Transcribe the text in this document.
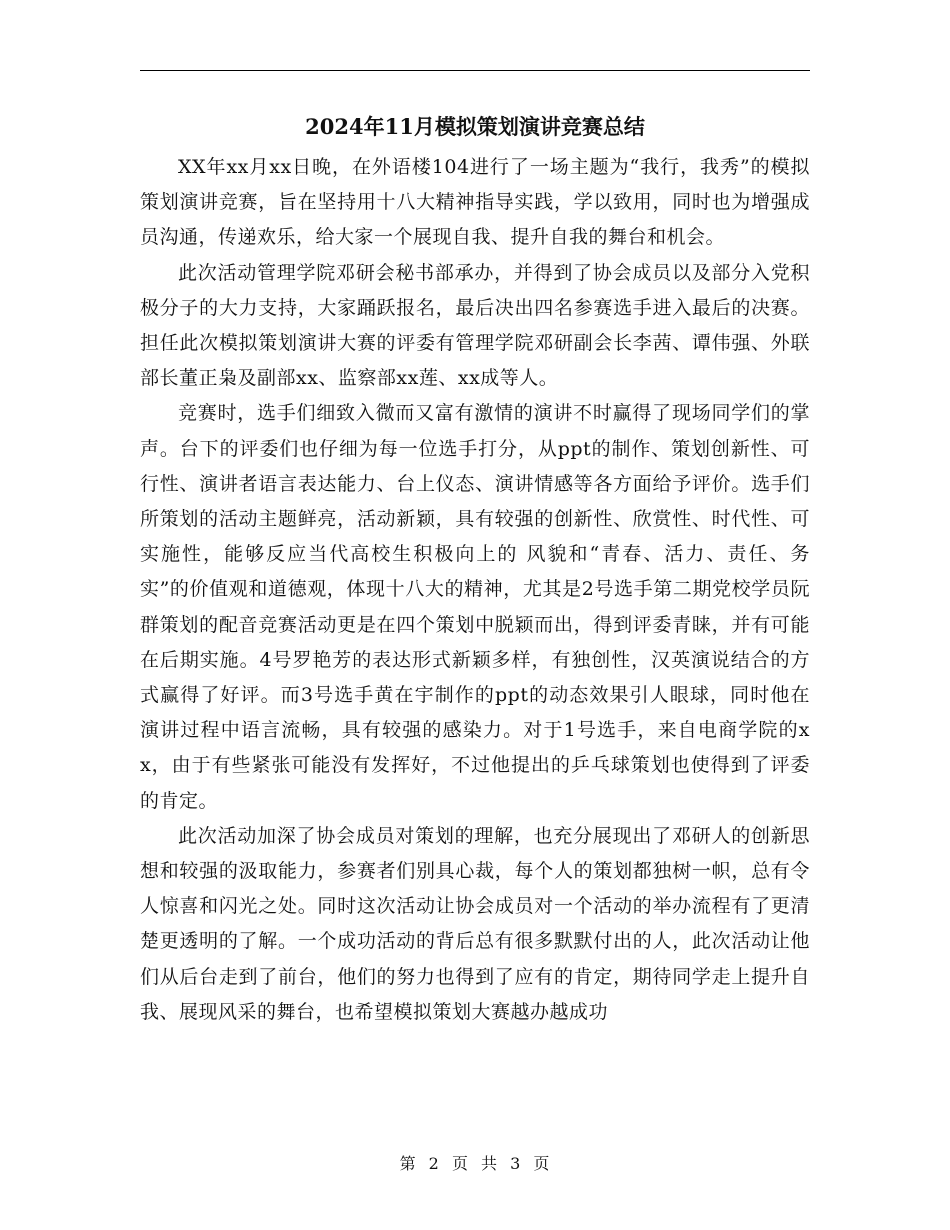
2024年11月模拟策划演讲竞赛总结

XX年xx月xx日晚，在外语楼104进行了一场主题为“我行，我秀”的模拟策划演讲竞赛，旨在坚持用十八大精神指导实践，学以致用，同时也为增强成员沟通，传递欢乐，给大家一个展现自我、提升自我的舞台和机会。

此次活动管理学院邓研会秘书部承办，并得到了协会成员以及部分入党积极分子的大力支持，大家踊跃报名，最后决出四名参赛选手进入最后的决赛。担任此次模拟策划演讲大赛的评委有管理学院邓研副会长李茜、谭伟强、外联部长董正枭及副部xx、监察部xx莲、xx成等人。

竞赛时，选手们细致入微而又富有激情的演讲不时赢得了现场同学们的掌声。台下的评委们也仔细为每一位选手打分，从ppt的制作、策划创新性、可行性、演讲者语言表达能力、台上仪态、演讲情感等各方面给予评价。选手们所策划的活动主题鲜亮，活动新颖，具有较强的创新性、欣赏性、时代性、可 实施性，能够反应当代高校生积极向上的 风貌和“青春、活力、责任、务实”的价值观和道德观，体现十八大的精神，尤其是2号选手第二期党校学员阮群策划的配音竞赛活动更是在四个策划中脱颖而出，得到评委青睐，并有可能在后期实施。4号罗艳芳的表达形式新颖多样，有独创性，汉英演说结合的方式赢得了好评。而3号选手黄在宇制作的ppt的动态效果引人眼球，同时他在演讲过程中语言流畅，具有较强的感染力。对于1号选手，来自电商学院的xx，由于有些紧张可能没有发挥好，不过他提出的乒乓球策划也使得到了评委的肯定。

此次活动加深了协会成员对策划的理解，也充分展现出了邓研人的创新思想和较强的汲取能力，参赛者们别具心裁，每个人的策划都独树一帜，总有令人惊喜和闪光之处。同时这次活动让协会成员对一个活动的举办流程有了更清楚更透明的了解。一个成功活动的背后总有很多默默付出的人，此次活动让他们从后台走到了前台，他们的努力也得到了应有的肯定，期待同学走上提升自我、展现风采的舞台，也希望模拟策划大赛越办越成功

第 2 页 共 3 页
